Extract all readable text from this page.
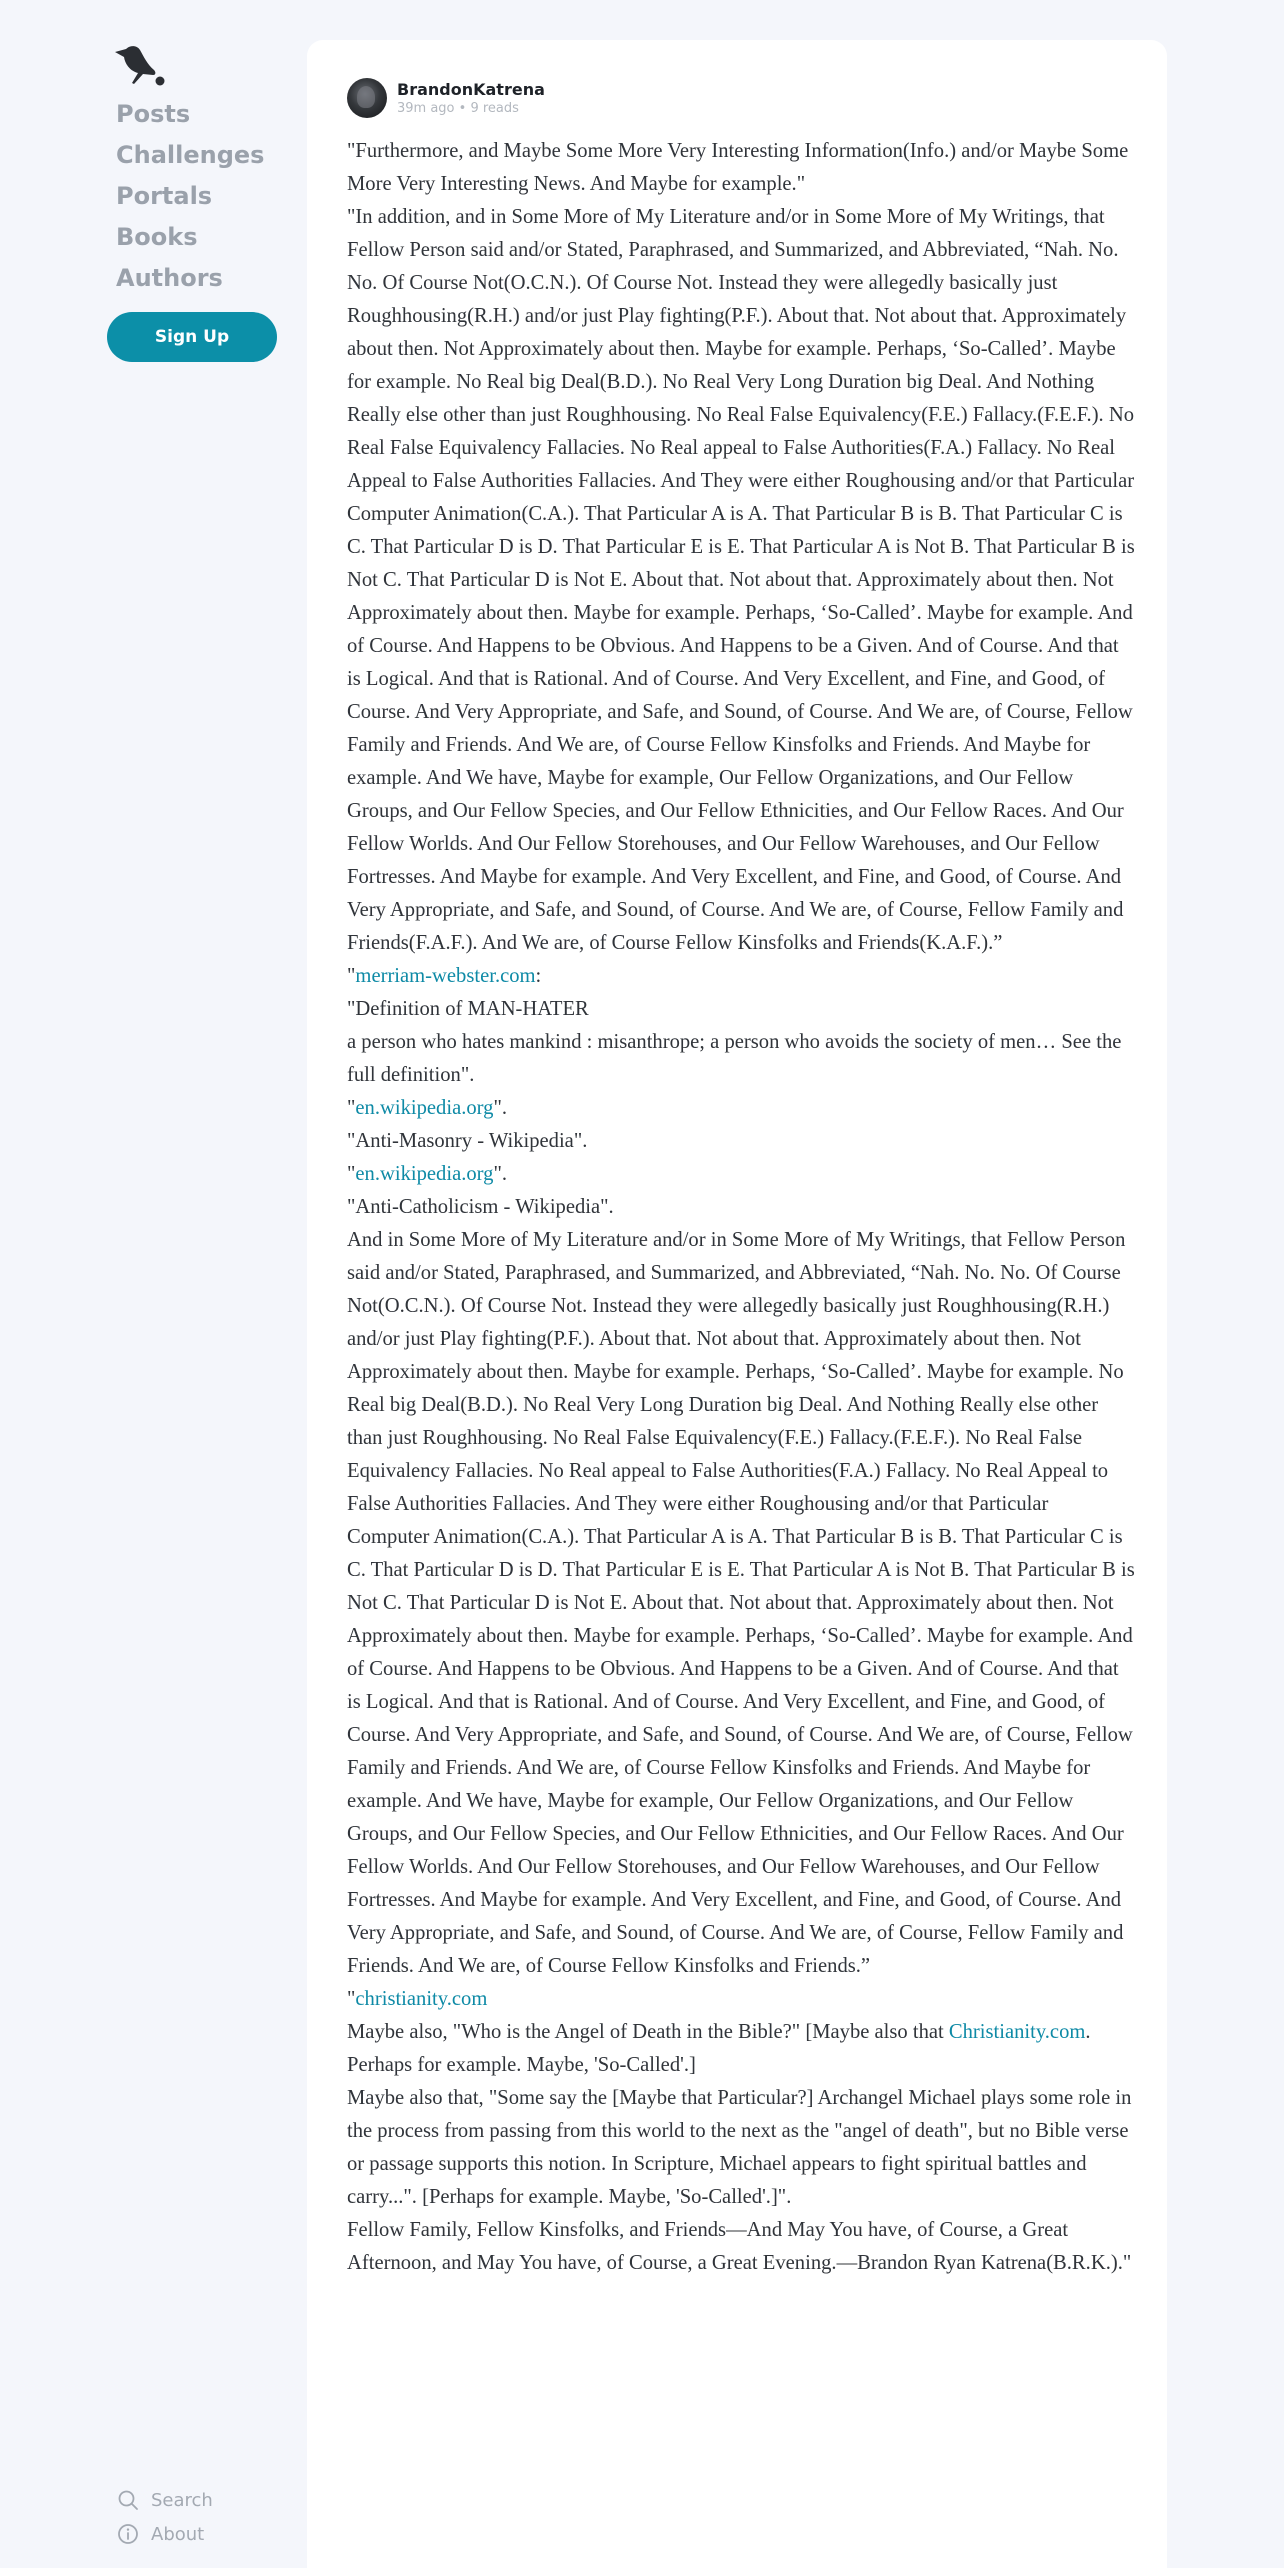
Posts
Challenges
Portals
Books
Authors
Sign Up
Search
About
BrandonKatrena
39m ago • 9 reads

"Furthermore, and Maybe Some More Very Interesting Information(Info.) and/or Maybe Some More Very Interesting News. And Maybe for example."

"In addition, and in Some More of My Literature and/or in Some More of My Writings, that Fellow Person said and/or Stated, Paraphrased, and Summarized, and Abbreviated, “Nah. No. No. Of Course Not(O.C.N.). Of Course Not. Instead they were allegedly basically just Roughhousing(R.H.) and/or just Play fighting(P.F.). About that. Not about that. Approximately about then. Not Approximately about then. Maybe for example. Perhaps, ‘So-Called’. Maybe for example. No Real big Deal(B.D.). No Real Very Long Duration big Deal. And Nothing Really else other than just Roughhousing. No Real False Equivalency(F.E.) Fallacy.(F.E.F.). No Real False Equivalency Fallacies. No Real appeal to False Authorities(F.A.) Fallacy. No Real Appeal to False Authorities Fallacies. And They were either Roughousing and/or that Particular Computer Animation(C.A.). That Particular A is A. That Particular B is B. That Particular C is C. That Particular D is D. That Particular E is E. That Particular A is Not B. That Particular B is Not C. That Particular D is Not E. About that. Not about that. Approximately about then. Not Approximately about then. Maybe for example. Perhaps, ‘So-Called’. Maybe for example. And of Course. And Happens to be Obvious. And Happens to be a Given. And of Course. And that is Logical. And that is Rational. And of Course. And Very Excellent, and Fine, and Good, of Course. And Very Appropriate, and Safe, and Sound, of Course. And We are, of Course, Fellow Family and Friends. And We are, of Course Fellow Kinsfolks and Friends. And Maybe for example. And We have, Maybe for example, Our Fellow Organizations, and Our Fellow Groups, and Our Fellow Species, and Our Fellow Ethnicities, and Our Fellow Races. And Our Fellow Worlds. And Our Fellow Storehouses, and Our Fellow Warehouses, and Our Fellow Fortresses. And Maybe for example. And Very Excellent, and Fine, and Good, of Course. And Very Appropriate, and Safe, and Sound, of Course. And We are, of Course, Fellow Family and Friends(F.A.F.). And We are, of Course Fellow Kinsfolks and Friends(K.A.F.).”

"merriam-webster.com:

"Definition of MAN-HATER

a person who hates mankind : misanthrope; a person who avoids the society of men… See the full definition".

"en.wikipedia.org".

"Anti-Masonry - Wikipedia".

"en.wikipedia.org".

"Anti-Catholicism - Wikipedia".

And in Some More of My Literature and/or in Some More of My Writings, that Fellow Person said and/or Stated, Paraphrased, and Summarized, and Abbreviated, “Nah. No. No. Of Course Not(O.C.N.). Of Course Not. Instead they were allegedly basically just Roughhousing(R.H.) and/or just Play fighting(P.F.). About that. Not about that. Approximately about then. Not Approximately about then. Maybe for example. Perhaps, ‘So-Called’. Maybe for example. No Real big Deal(B.D.). No Real Very Long Duration big Deal. And Nothing Really else other than just Roughhousing. No Real False Equivalency(F.E.) Fallacy.(F.E.F.). No Real False Equivalency Fallacies. No Real appeal to False Authorities(F.A.) Fallacy. No Real Appeal to False Authorities Fallacies. And They were either Roughousing and/or that Particular Computer Animation(C.A.). That Particular A is A. That Particular B is B. That Particular C is C. That Particular D is D. That Particular E is E. That Particular A is Not B. That Particular B is Not C. That Particular D is Not E. About that. Not about that. Approximately about then. Not Approximately about then. Maybe for example. Perhaps, ‘So-Called’. Maybe for example. And of Course. And Happens to be Obvious. And Happens to be a Given. And of Course. And that is Logical. And that is Rational. And of Course. And Very Excellent, and Fine, and Good, of Course. And Very Appropriate, and Safe, and Sound, of Course. And We are, of Course, Fellow Family and Friends. And We are, of Course Fellow Kinsfolks and Friends. And Maybe for example. And We have, Maybe for example, Our Fellow Organizations, and Our Fellow Groups, and Our Fellow Species, and Our Fellow Ethnicities, and Our Fellow Races. And Our Fellow Worlds. And Our Fellow Storehouses, and Our Fellow Warehouses, and Our Fellow Fortresses. And Maybe for example. And Very Excellent, and Fine, and Good, of Course. And Very Appropriate, and Safe, and Sound, of Course. And We are, of Course, Fellow Family and Friends. And We are, of Course Fellow Kinsfolks and Friends.”

"christianity.com

Maybe also, "Who is the Angel of Death in the Bible?" [Maybe also that Christianity.com. Perhaps for example. Maybe, 'So-Called'.]

Maybe also that, "Some say the [Maybe that Particular?] Archangel Michael plays some role in the process from passing from this world to the next as the "angel of death", but no Bible verse or passage supports this notion. In Scripture, Michael appears to fight spiritual battles and carry...". [Perhaps for example. Maybe, 'So-Called'.]".

Fellow Family, Fellow Kinsfolks, and Friends—And May You have, of Course, a Great Afternoon, and May You have, of Course, a Great Evening.—Brandon Ryan Katrena(B.R.K.)."
